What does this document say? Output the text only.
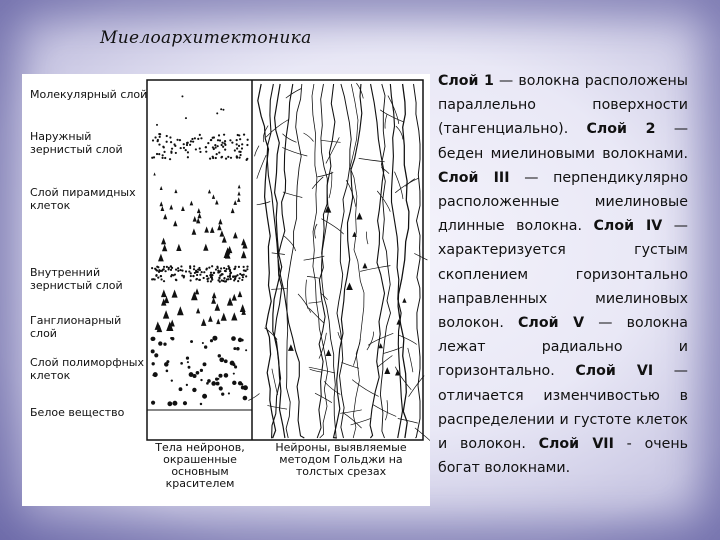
Миелоархитектоника
Молекулярный слой
Наружный зернистый слой
Слой пирамидных клеток
Внутренний зернистый слой
Ганглионарный слой
Слой полиморфных клеток
Белое вещество
Тела нейронов, окрашенные основным красителем
Нейроны, выявляемые методом Гольджи на толстых срезах
Слой 1 — волокна расположены параллельно поверхности (тангенциально). Слой 2 — беден миелиновыми волокнами. Слой III — перпендикулярно расположенные миелиновые длинные волокна. Слой IV — характеризуется густым скоплением горизонтально направленных миелиновых волокон. Слой V — волокна лежат радиально и горизонтально. Слой VI — отличается изменчивостью в распределении и густоте клеток и волокон. Слой VII - очень богат волокнами.
